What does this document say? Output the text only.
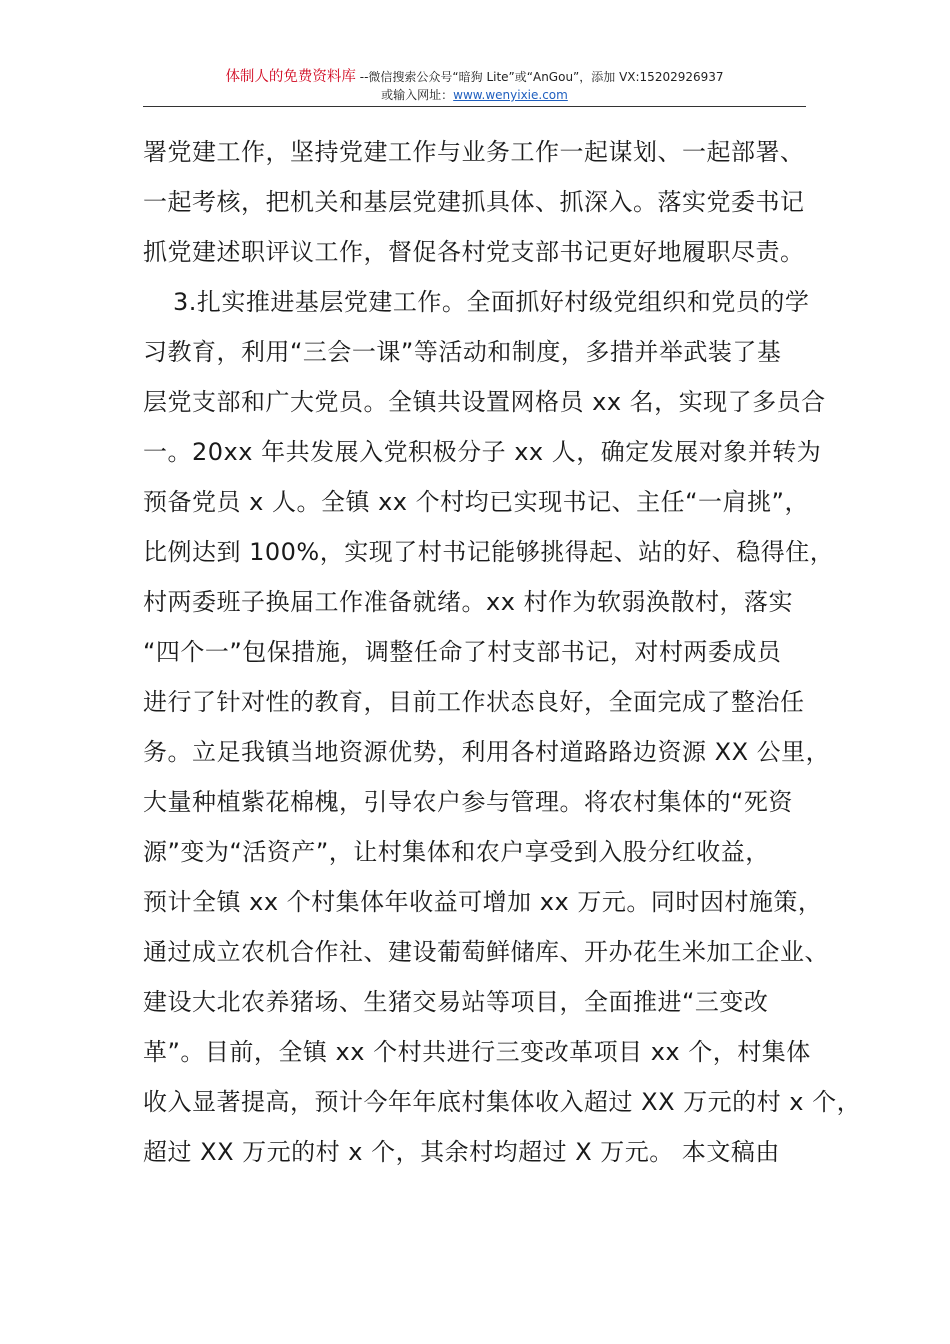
体制人的免费资料库 --微信搜索公众号“暗狗 Lite”或“AnGou”，添加 VX:15202926937
或输入网址：www.wenyixie.com
署党建工作，坚持党建工作与业务工作一起谋划、一起部署、
一起考核，把机关和基层党建抓具体、抓深入。落实党委书记
抓党建述职评议工作，督促各村党支部书记更好地履职尽责。
3.扎实推进基层党建工作。全面抓好村级党组织和党员的学
习教育，利用“三会一课”等活动和制度，多措并举武装了基
层党支部和广大党员。全镇共设置网格员 xx 名，实现了多员合
一。20xx 年共发展入党积极分子 xx 人，确定发展对象并转为
预备党员 x 人。全镇 xx 个村均已实现书记、主任“一肩挑”，
比例达到 100%，实现了村书记能够挑得起、站的好、稳得住，
村两委班子换届工作准备就绪。xx 村作为软弱涣散村，落实
“四个一”包保措施，调整任命了村支部书记，对村两委成员
进行了针对性的教育，目前工作状态良好，全面完成了整治任
务。立足我镇当地资源优势，利用各村道路路边资源 XX 公里，
大量种植紫花棉槐，引导农户参与管理。将农村集体的“死资
源”变为“活资产”，让村集体和农户享受到入股分红收益，
预计全镇 xx 个村集体年收益可增加 xx 万元。同时因村施策，
通过成立农机合作社、建设葡萄鲜储库、开办花生米加工企业、
建设大北农养猪场、生猪交易站等项目，全面推进“三变改
革”。目前，全镇 xx 个村共进行三变改革项目 xx 个，村集体
收入显著提高，预计今年年底村集体收入超过 XX 万元的村 x 个，
超过 XX 万元的村 x 个，其余村均超过 X 万元。 本文稿由
